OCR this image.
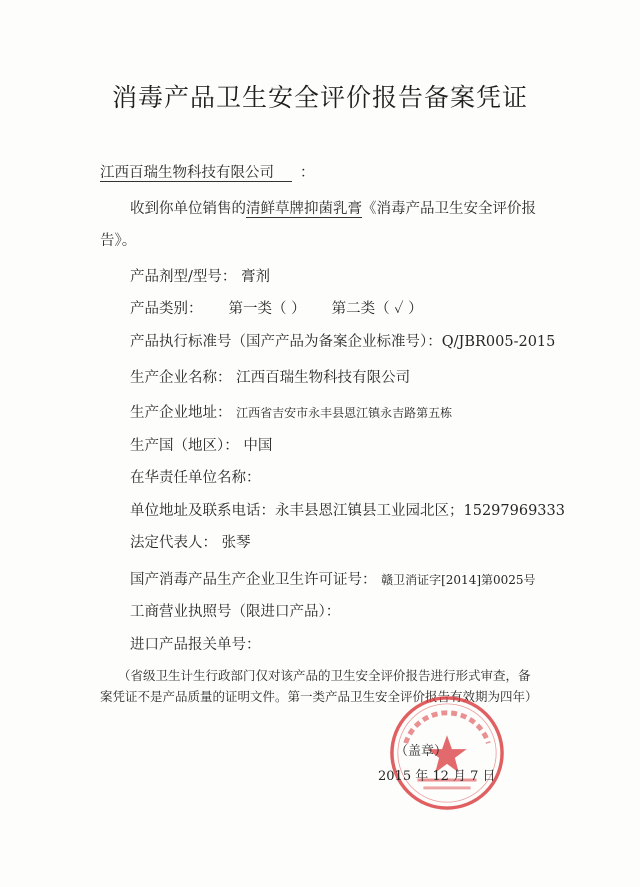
消毒产品卫生安全评价报告备案凭证
江西百瑞生物科技有限公司 ：
收到你单位销售的清鲜草牌抑菌乳膏《消毒产品卫生安全评价报
告》。
产品剂型/型号： 膏剂
产品类别： 第一类（ ） 第二类（ ✓ ）
产品执行标准号（国产产品为备案企业标准号）：Q/JBR005-2015
生产企业名称： 江西百瑞生物科技有限公司
生产企业地址： 江西省吉安市永丰县恩江镇永吉路第五栋
生产国（地区）： 中国
在华责任单位名称：
单位地址及联系电话：永丰县恩江镇县工业园北区；15297969333
法定代表人： 张琴
国产消毒产品生产企业卫生许可证号： 赣卫消证字[2014]第0025号
工商营业执照号（限进口产品）：
进口产品报关单号：
（省级卫生计生行政部门仅对该产品的卫生安全评价报告进行形式审查，备
案凭证不是产品质量的证明文件。第一类产品卫生安全评价报告有效期为四年）
（盖章）
2015 年 12 月 7 日
